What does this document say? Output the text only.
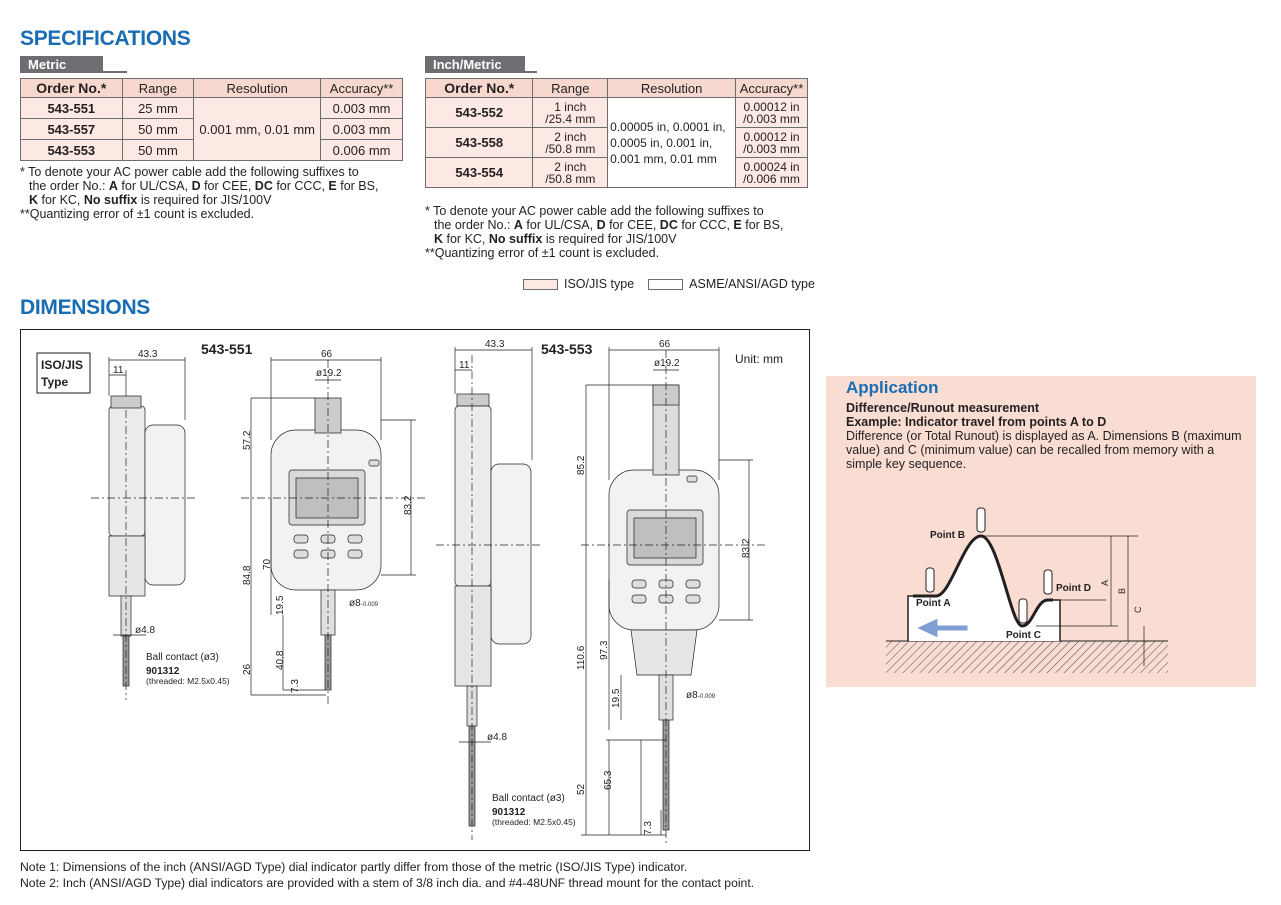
SPECIFICATIONS
Metric
Order No.*	Range	Resolution	Accuracy**
543-551	25 mm	0.001 mm, 0.01 mm	0.003 mm
543-557	50 mm		0.003 mm
543-553	50 mm		0.006 mm

* To denote your AC power cable add the following suffixes to

the order No.: A for UL/CSA, D for CEE, DC for CCC, E for BS,

K for KC, No suffix is required for JIS/100V

**Quantizing error of ±1 count is excluded.

Inch/Metric
Order No.*	Range	Resolution	Accuracy**
543-552	1 inch
/25.4 mm	0.00005 in, 0.0001 in,
0.0005 in, 0.001 in,
0.001 mm, 0.01 mm	0.00012 in
/0.003 mm
543-558	2 inch
/50.8 mm		0.00012 in
/0.003 mm
543-554	2 inch
/50.8 mm		0.00024 in
/0.006 mm

* To denote your AC power cable add the following suffixes to

the order No.: A for UL/CSA, D for CEE, DC for CCC, E for BS,

K for KC, No suffix is required for JIS/100V

**Quantizing error of ±1 count is excluded.

ISO/JIS type	ASME/ANSI/AGD type
DIMENSIONS
ISO/JIS
Type
543-551	543-553
Unit: mm
43.3
11
ø4.8
Ball contact (ø3)
901312
(threaded: M2.5x0.45)
66
ø19.2
57.2
83.2
84.8
70
19.5
40.8
26
7.3
ø8 -0.009
43.3
11
ø4.8
Ball contact (ø3)
901312
(threaded: M2.5x0.45)
66
ø19.2
85.2
83.2
110.6 97.3
19.5
52 65.3
7.3
ø8 -0.009
Application
Difference/Runout measurement
Example: Indicator travel from points A to D
Difference (or Total Runout) is displayed as A. Dimensions B (maximum value) and C (minimum value) can be recalled from memory with a simple key sequence.
Point B
Point A
Point D
Point C
A
B
C
Note 1: Dimensions of the inch (ANSI/AGD Type) dial indicator partly differ from those of the metric (ISO/JIS Type) indicator.
Note 2: Inch (ANSI/AGD Type) dial indicators are provided with a stem of 3/8 inch dia. and #4-48UNF thread mount for the contact point.
